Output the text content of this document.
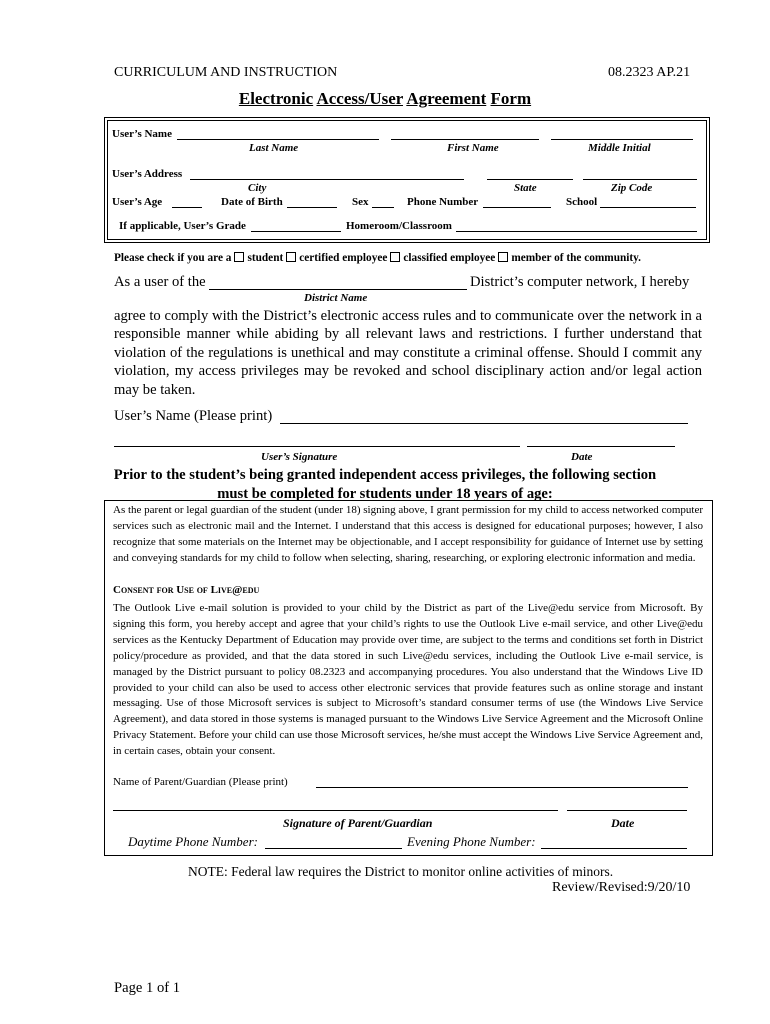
CURRICULUM AND INSTRUCTION	08.2323 AP.21
Electronic Access/User Agreement Form
User’s Name
Last Name	First Name	Middle Initial
User’s Address
City	State	Zip Code
User’s Age	Date of Birth	Sex	Phone Number	School
If applicable, User’s Grade	Homeroom/Classroom
Please check if you are a student certified employee classified employee member of the community.
As a user of the	District’s computer network, I hereby
District Name
agree to comply with the District’s electronic access rules and to communicate over the network in a responsible manner while abiding by all relevant laws and restrictions. I further understand that violation of the regulations is unethical and may constitute a criminal offense. Should I commit any violation, my access privileges may be revoked and school disciplinary action and/or legal action may be taken.
User’s Name (Please print)
User’s Signature	Date
Prior to the student’s being granted independent access privileges, the following section
must be completed for students under 18 years of age:
As the parent or legal guardian of the student (under 18) signing above, I grant permission for my child to access networked computer services such as electronic mail and the Internet. I understand that this access is designed for educational purposes; however, I also recognize that some materials on the Internet may be objectionable, and I accept responsibility for guidance of Internet use by setting and conveying standards for my child to follow when selecting, sharing, researching, or exploring electronic information and media.
Consent for Use of Live@edu
The Outlook Live e-mail solution is provided to your child by the District as part of the Live@edu service from Microsoft. By signing this form, you hereby accept and agree that your child’s rights to use the Outlook Live e-mail service, and other Live@edu services as the Kentucky Department of Education may provide over time, are subject to the terms and conditions set forth in District policy/procedure as provided, and that the data stored in such Live@edu services, including the Outlook Live e-mail service, is managed by the District pursuant to policy 08.2323 and accompanying procedures. You also understand that the Windows Live ID provided to your child can also be used to access other electronic services that provide features such as online storage and instant messaging. Use of those Microsoft services is subject to Microsoft’s standard consumer terms of use (the Windows Live Service Agreement), and data stored in those systems is managed pursuant to the Windows Live Service Agreement and the Microsoft Online Privacy Statement. Before your child can use those Microsoft services, he/she must accept the Windows Live Service Agreement and, in certain cases, obtain your consent.
Name of Parent/Guardian (Please print)
Signature of Parent/Guardian	Date
Daytime Phone Number:	Evening Phone Number:
NOTE: Federal law requires the District to monitor online activities of minors.
Review/Revised:9/20/10
Page 1 of 1
